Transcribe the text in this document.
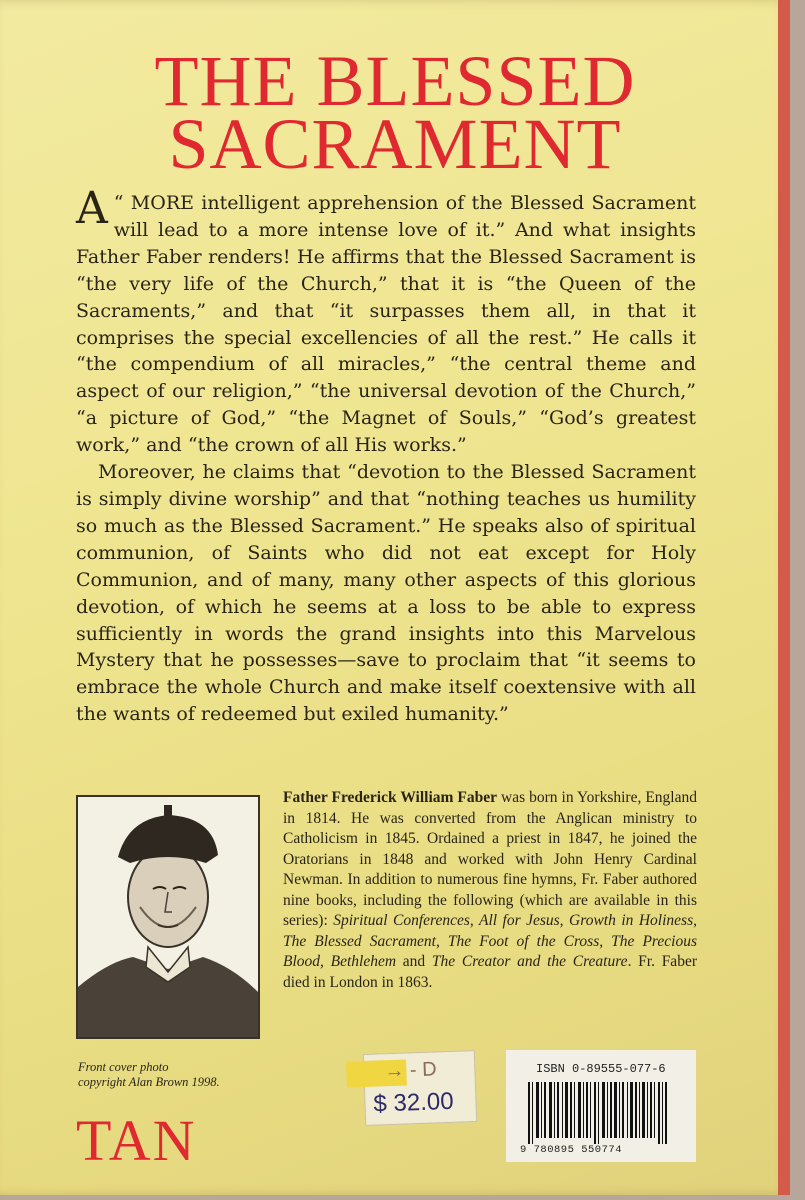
THE BLESSED
SACRAMENT

“
A MORE intelligent apprehension of the Blessed Sacrament will lead to a more intense love of it.” And what insights Father Faber renders! He affirms that the Blessed Sacrament is “the very life of the Church,” that it is “the Queen of the Sacraments,” and that “it surpasses them all, in that it comprises the special excellencies of all the rest.” He calls it “the compendium of all miracles,” “the central theme and aspect of our religion,” “the universal devotion of the Church,” “a picture of God,” “the Magnet of Souls,” “God’s greatest work,” and “the crown of all His works.”

Moreover, he claims that “devotion to the Blessed Sacrament is simply divine worship” and that “nothing teaches us humility so much as the Blessed Sacrament.” He speaks also of spiritual communion, of Saints who did not eat except for Holy Communion, and of many, many other aspects of this glorious devotion, of which he seems at a loss to be able to express sufficiently in words the grand insights into this Marvelous Mystery that he possesses—save to proclaim that “it seems to embrace the whole Church and make itself coextensive with all the wants of redeemed but exiled humanity.”

Father Frederick William Faber was born in Yorkshire, England in 1814. He was converted from the Anglican ministry to Catholicism in 1845. Ordained a priest in 1847, he joined the Oratorians in 1848 and worked with John Henry Cardinal Newman. In addition to numerous fine hymns, Fr. Faber authored nine books, including the following (which are available in this series): Spiritual Conferences, All for Jesus, Growth in Holiness, The Blessed Sacrament, The Foot of the Cross, The Precious Blood, Bethlehem and The Creator and the Creature. Fr. Faber died in London in 1863.
Front cover photo
copyright Alan Brown 1998.
TAN
→ - D
$ 32.00
ISBN 0-89555-077-6
9 780895 550774
